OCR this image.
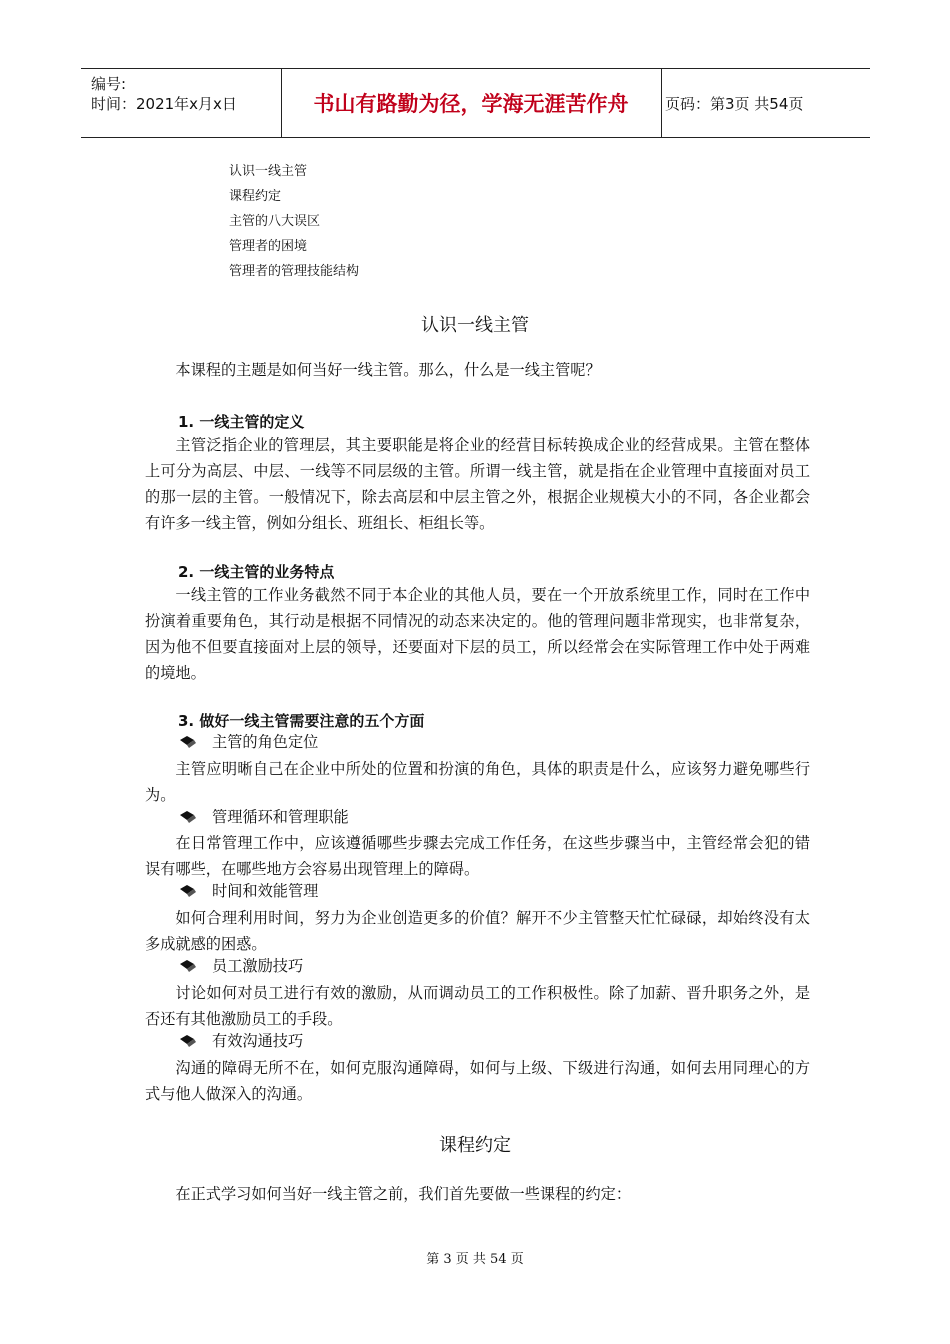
编号:
时间：2021年x月x日	书山有路勤为径，学海无涯苦作舟	页码：第3页 共54页
认识一线主管
课程约定
主管的八大误区
管理者的困境
管理者的管理技能结构
认识一线主管

本课程的主题是如何当好一线主管。那么，什么是一线主管呢？

1. 一线主管的定义

主管泛指企业的管理层，其主要职能是将企业的经营目标转换成企业的经营成果。主管在整体上可分为高层、中层、一线等不同层级的主管。所谓一线主管，就是指在企业管理中直接面对员工的那一层的主管。一般情况下，除去高层和中层主管之外，根据企业规模大小的不同，各企业都会有许多一线主管，例如分组长、班组长、柜组长等。

2. 一线主管的业务特点

一线主管的工作业务截然不同于本企业的其他人员，要在一个开放系统里工作，同时在工作中扮演着重要角色，其行动是根据不同情况的动态来决定的。他的管理问题非常现实，也非常复杂，因为他不但要直接面对上层的领导，还要面对下层的员工，所以经常会在实际管理工作中处于两难的境地。

3. 做好一线主管需要注意的五个方面
主管的角色定位

主管应明晰自己在企业中所处的位置和扮演的角色，具体的职责是什么，应该努力避免哪些行为。

管理循环和管理职能

在日常管理工作中，应该遵循哪些步骤去完成工作任务，在这些步骤当中，主管经常会犯的错误有哪些，在哪些地方会容易出现管理上的障碍。

时间和效能管理

如何合理利用时间，努力为企业创造更多的价值？解开不少主管整天忙忙碌碌，却始终没有太多成就感的困惑。

员工激励技巧

讨论如何对员工进行有效的激励，从而调动员工的工作积极性。除了加薪、晋升职务之外，是否还有其他激励员工的手段。

有效沟通技巧

沟通的障碍无所不在，如何克服沟通障碍，如何与上级、下级进行沟通，如何去用同理心的方式与他人做深入的沟通。

课程约定

在正式学习如何当好一线主管之前，我们首先要做一些课程的约定：

第 3 页 共 54 页
